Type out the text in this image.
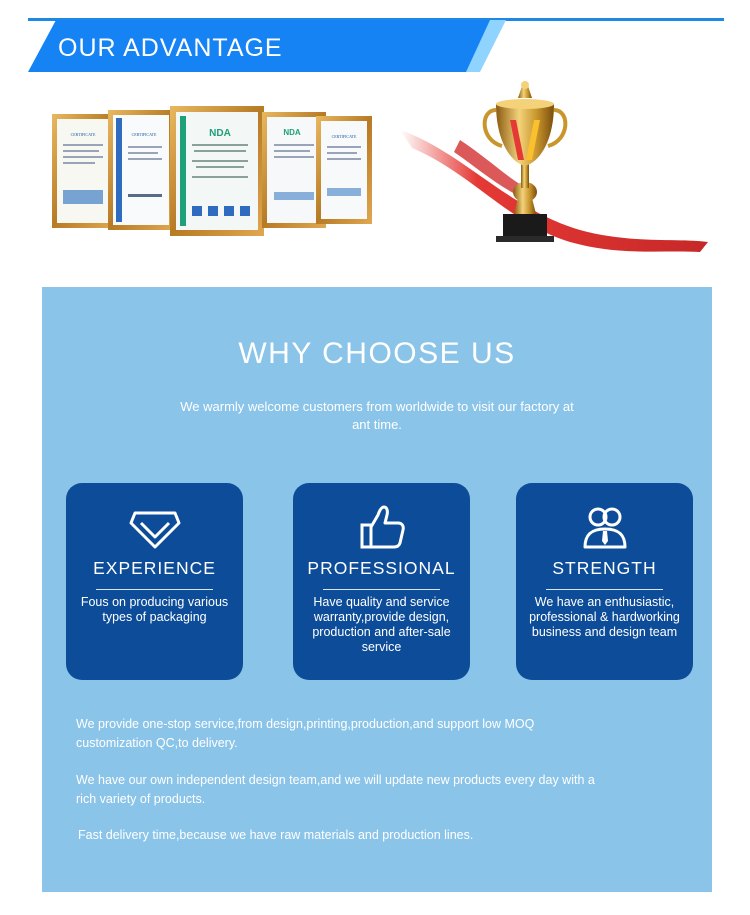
OUR ADVANTAGE
CERTIFICATE	CERTIFICATE	NDA	NDA	CERTIFICATE
WHY CHOOSE US
We warmly welcome customers from worldwide to visit our factory at ant time.
EXPERIENCE
Fous on producing various types of packaging
PROFESSIONAL
Have quality and service warranty,provide design, production and after-sale service
STRENGTH
We have an enthusiastic, professional & hardworking business and design team
We provide one-stop service,from design,printing,production,and support low MOQ customization QC,to delivery.
We have our own independent design team,and we will update new products every day with a rich variety of products.
Fast delivery time,because we have raw materials and production lines.
